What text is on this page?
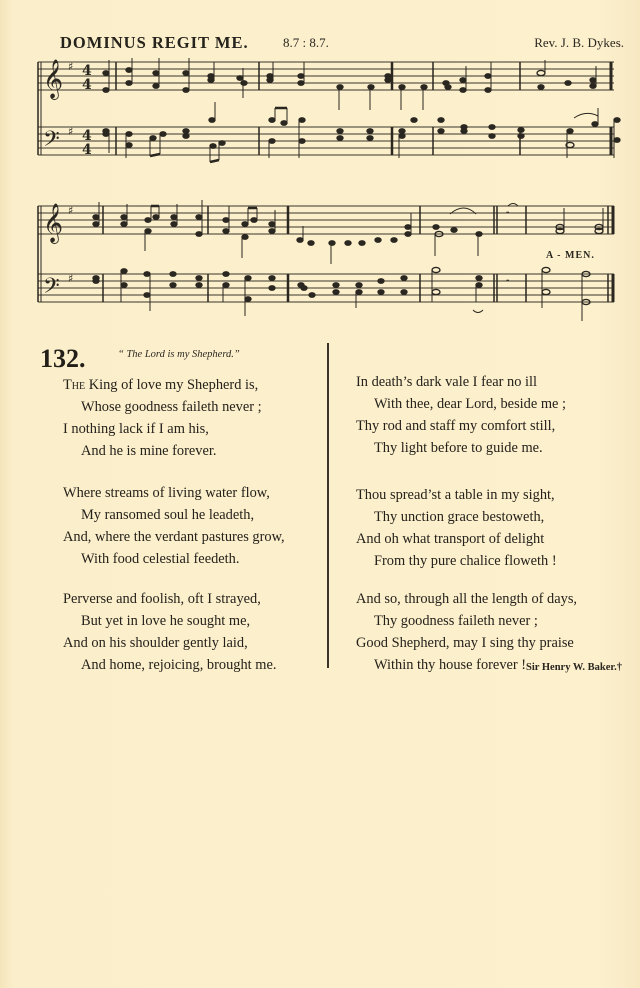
DOMINUS REGIT ME.	8.7 : 8.7.	Rev. J. B. Dykes.
𝄞 ♯ 4
4
𝄢 ♯ 4
4
𝄞 ♯
𝄢 ♯
‑
‑
A - MEN.
132.	“ The Lord is my Shepherd.”
The King of love my Shepherd is,
Whose goodness faileth never ;
I nothing lack if I am his,
And he is mine forever.
Where streams of living water flow,
My ransomed soul he leadeth,
And, where the verdant pastures grow,
With food celestial feedeth.
Perverse and foolish, oft I strayed,
But yet in love he sought me,
And on his shoulder gently laid,
And home, rejoicing, brought me.
In death’s dark vale I fear no ill
With thee, dear Lord, beside me ;
Thy rod and staff my comfort still,
Thy light before to guide me.
Thou spread’st a table in my sight,
Thy unction grace bestoweth,
And oh what transport of delight
From thy pure chalice floweth !
And so, through all the length of days,
Thy goodness faileth never ;
Good Shepherd, may I sing thy praise
Within thy house forever ! Sir Henry W. Baker.†
